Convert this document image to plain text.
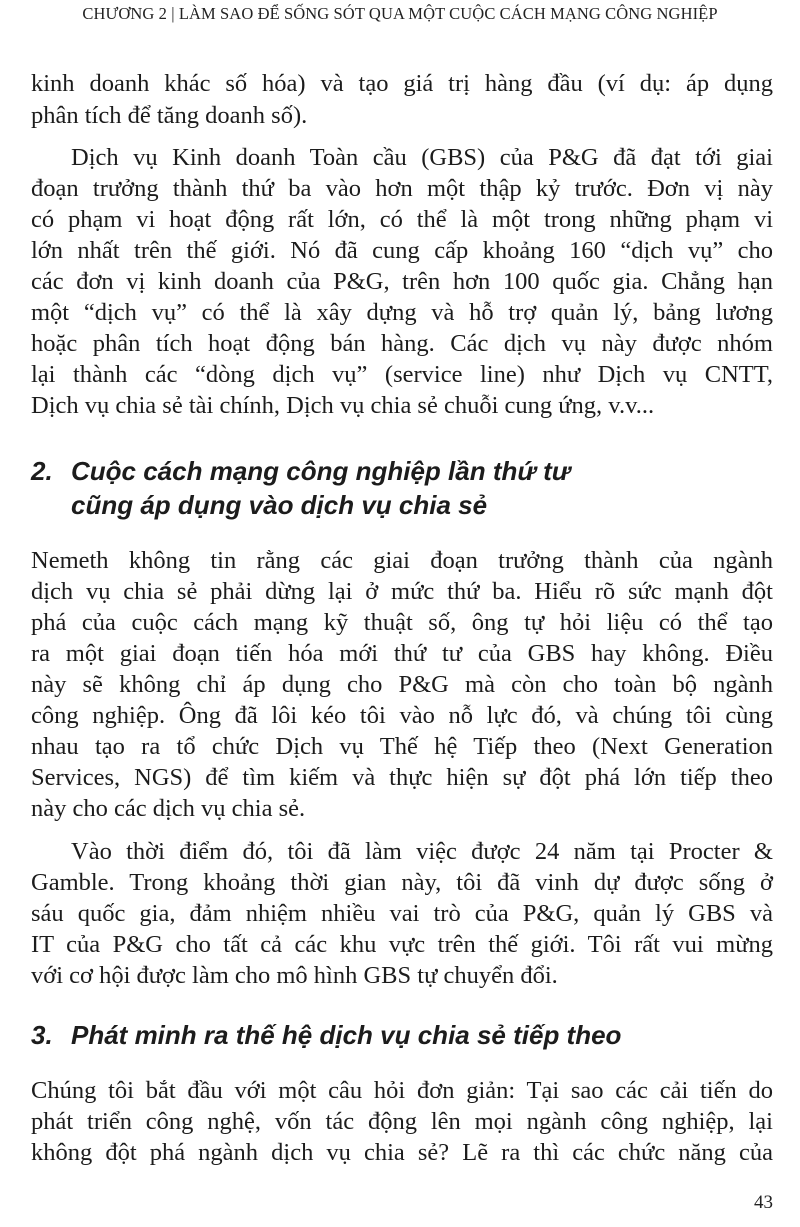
CHƯƠNG 2 | LÀM SAO ĐỂ SỐNG SÓT QUA MỘT CUỘC CÁCH MẠNG CÔNG NGHIỆP
kinh doanh khác số hóa) và tạo giá trị hàng đầu (ví dụ: áp dụng
phân tích để tăng doanh số).
Dịch vụ Kinh doanh Toàn cầu (GBS) của P&G đã đạt tới giai
đoạn trưởng thành thứ ba vào hơn một thập kỷ trước. Đơn vị này
có phạm vi hoạt động rất lớn, có thể là một trong những phạm vi
lớn nhất trên thế giới. Nó đã cung cấp khoảng 160 “dịch vụ” cho
các đơn vị kinh doanh của P&G, trên hơn 100 quốc gia. Chẳng hạn
một “dịch vụ” có thể là xây dựng và hỗ trợ quản lý, bảng lương
hoặc phân tích hoạt động bán hàng. Các dịch vụ này được nhóm
lại thành các “dòng dịch vụ” (service line) như Dịch vụ CNTT,
Dịch vụ chia sẻ tài chính, Dịch vụ chia sẻ chuỗi cung ứng, v.v...
2. Cuộc cách mạng công nghiệp lần thứ tư
cũng áp dụng vào dịch vụ chia sẻ
Nemeth không tin rằng các giai đoạn trưởng thành của ngành
dịch vụ chia sẻ phải dừng lại ở mức thứ ba. Hiểu rõ sức mạnh đột
phá của cuộc cách mạng kỹ thuật số, ông tự hỏi liệu có thể tạo
ra một giai đoạn tiến hóa mới thứ tư của GBS hay không. Điều
này sẽ không chỉ áp dụng cho P&G mà còn cho toàn bộ ngành
công nghiệp. Ông đã lôi kéo tôi vào nỗ lực đó, và chúng tôi cùng
nhau tạo ra tổ chức Dịch vụ Thế hệ Tiếp theo (Next Generation
Services, NGS) để tìm kiếm và thực hiện sự đột phá lớn tiếp theo
này cho các dịch vụ chia sẻ.
Vào thời điểm đó, tôi đã làm việc được 24 năm tại Procter &
Gamble. Trong khoảng thời gian này, tôi đã vinh dự được sống ở
sáu quốc gia, đảm nhiệm nhiều vai trò của P&G, quản lý GBS và
IT của P&G cho tất cả các khu vực trên thế giới. Tôi rất vui mừng
với cơ hội được làm cho mô hình GBS tự chuyển đổi.
3. Phát minh ra thế hệ dịch vụ chia sẻ tiếp theo
Chúng tôi bắt đầu với một câu hỏi đơn giản: Tại sao các cải tiến do
phát triển công nghệ, vốn tác động lên mọi ngành công nghiệp, lại
không đột phá ngành dịch vụ chia sẻ? Lẽ ra thì các chức năng của
43
